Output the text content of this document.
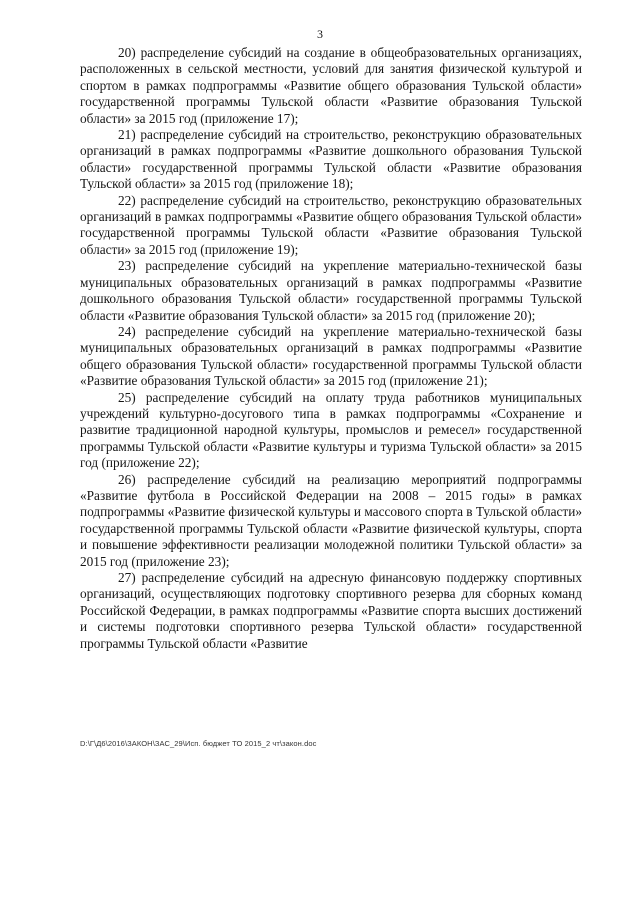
3

20) распределение субсидий на создание в общеобразовательных организациях, расположенных в сельской местности, условий для занятия физической культурой и спортом в рамках подпрограммы «Развитие общего образования Тульской области» государственной программы Тульской области «Развитие образования Тульской области» за 2015 год (приложение 17);

21) распределение субсидий на строительство, реконструкцию образовательных организаций в рамках подпрограммы «Развитие дошкольного образования Тульской области» государственной программы Тульской области «Развитие образования Тульской области» за 2015 год (приложение 18);

22) распределение субсидий на строительство, реконструкцию образовательных организаций в рамках подпрограммы «Развитие общего образования Тульской области» государственной программы Тульской области «Развитие образования Тульской области» за 2015 год (приложение 19);

23) распределение субсидий на укрепление материально-технической базы муниципальных образовательных организаций в рамках подпрограммы «Развитие дошкольного образования Тульской области» государственной программы Тульской области «Развитие образования Тульской области» за 2015 год (приложение 20);

24) распределение субсидий на укрепление материально-технической базы муниципальных образовательных организаций в рамках подпрограммы «Развитие общего образования Тульской области» государственной программы Тульской области «Развитие образования Тульской области» за 2015 год (приложение 21);

25) распределение субсидий на оплату труда работников муниципальных учреждений культурно-досугового типа в рамках подпрограммы «Сохранение и развитие традиционной народной культуры, промыслов и ремесел» государственной программы Тульской области «Развитие культуры и туризма Тульской области» за 2015 год (приложение 22);

26) распределение субсидий на реализацию мероприятий подпрограммы «Развитие футбола в Российской Федерации на 2008 – 2015 годы» в рамках подпрограммы «Развитие физической культуры и массового спорта в Тульской области» государственной программы Тульской области «Развитие физической культуры, спорта и повышение эффективности реализации молодежной политики Тульской области» за 2015 год (приложение 23);

27) распределение субсидий на адресную финансовую поддержку спортивных организаций, осуществляющих подготовку спортивного резерва для сборных команд Российской Федерации, в рамках подпрограммы «Развитие спорта высших достижений и системы подготовки спортивного резерва Тульской области» государственной программы Тульской области «Развитие

D:\Г\Д6\2016\ЗАКОН\ЗАС_29\Исп. бюджет ТО 2015_2 чт\закон.doc
